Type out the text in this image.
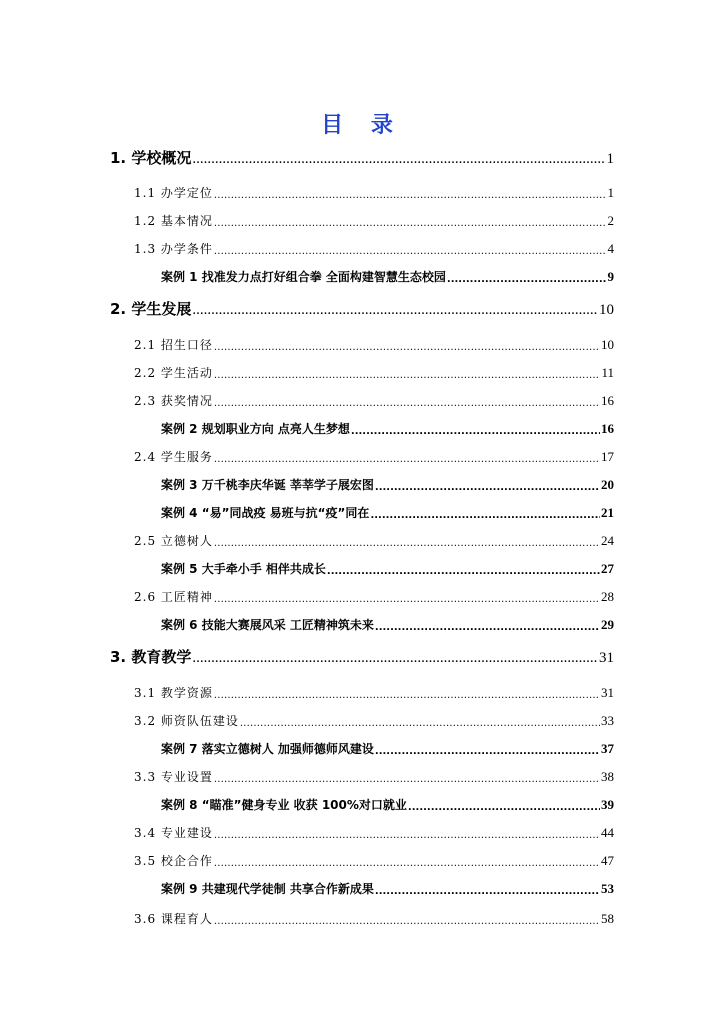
目 录
1. 学校概况 .....	1
1.1 办学定位 .....	1
1.2 基本情况 .....	2
1.3 办学条件 .....	4
案例 1 找准发力点打好组合拳 全面构建智慧生态校园 .....	9
2. 学生发展 .....	10
2.1 招生口径 .....	10
2.2 学生活动 .....	11
2.3 获奖情况 .....	16
案例 2 规划职业方向 点亮人生梦想 .....	16
2.4 学生服务 .....	17
案例 3 万千桃李庆华诞 莘莘学子展宏图 .....	20
案例 4 “易”同战疫 易班与抗“疫”同在 .....	21
2.5 立德树人 .....	24
案例 5 大手牵小手 相伴共成长 .....	27
2.6 工匠精神 .....	28
案例 6 技能大赛展风采 工匠精神筑未来 .....	29
3. 教育教学 .....	31
3.1 教学资源 .....	31
3.2 师资队伍建设 .....	33
案例 7 落实立德树人 加强师德师风建设 .....	37
3.3 专业设置 .....	38
案例 8 “瞄准”健身专业 收获 100%对口就业 .....	39
3.4 专业建设 .....	44
3.5 校企合作 .....	47
案例 9 共建现代学徒制 共享合作新成果 .....	53
3.6 课程育人 .....	58
